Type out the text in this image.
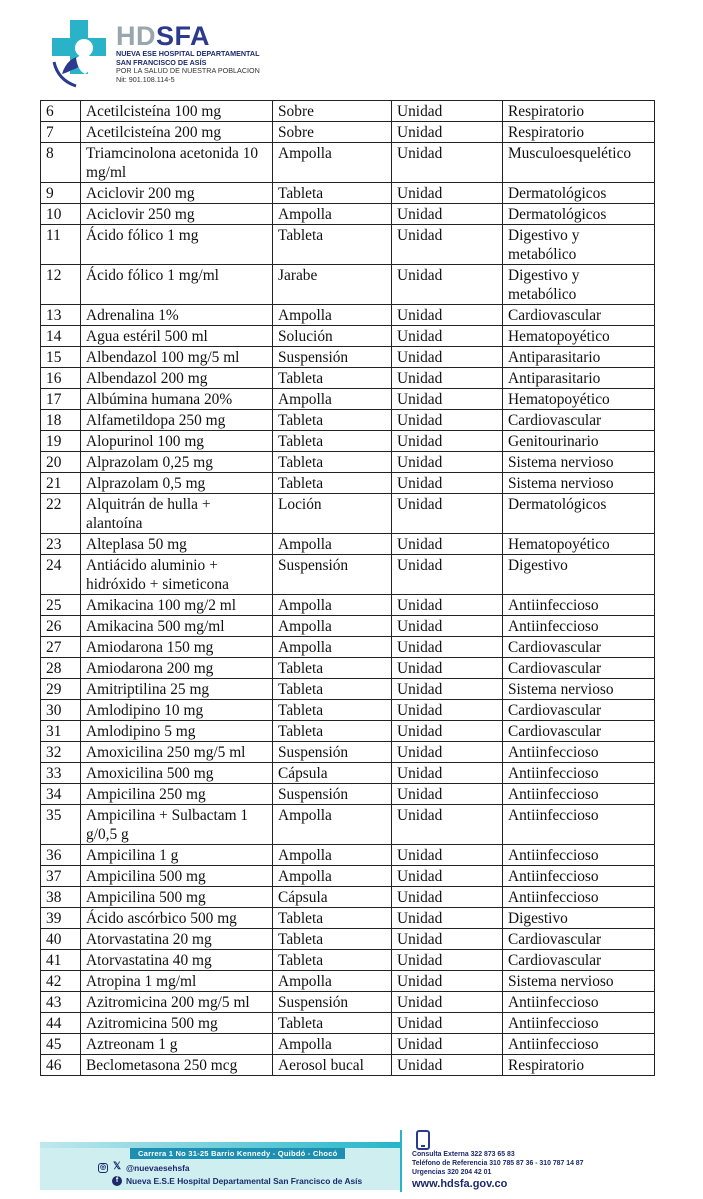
HDSFA
NUEVA ESE HOSPITAL DEPARTAMENTAL
SAN FRANCISCO DE ASÍS
POR LA SALUD DE NUESTRA POBLACION
Nit: 901.108.114-5
6	Acetilcisteína 100 mg	Sobre	Unidad	Respiratorio
7	Acetilcisteína 200 mg	Sobre	Unidad	Respiratorio
8	Triamcinolona acetonida 10 mg/ml	Ampolla	Unidad	Musculoesquelético
9	Aciclovir 200 mg	Tableta	Unidad	Dermatológicos
10	Aciclovir 250 mg	Ampolla	Unidad	Dermatológicos
11	Ácido fólico 1 mg	Tableta	Unidad	Digestivo y metabólico
12	Ácido fólico 1 mg/ml	Jarabe	Unidad	Digestivo y metabólico
13	Adrenalina 1%	Ampolla	Unidad	Cardiovascular
14	Agua estéril 500 ml	Solución	Unidad	Hematopoyético
15	Albendazol 100 mg/5 ml	Suspensión	Unidad	Antiparasitario
16	Albendazol 200 mg	Tableta	Unidad	Antiparasitario
17	Albúmina humana 20%	Ampolla	Unidad	Hematopoyético
18	Alfametildopa 250 mg	Tableta	Unidad	Cardiovascular
19	Alopurinol 100 mg	Tableta	Unidad	Genitourinario
20	Alprazolam 0,25 mg	Tableta	Unidad	Sistema nervioso
21	Alprazolam 0,5 mg	Tableta	Unidad	Sistema nervioso
22	Alquitrán de hulla + alantoína	Loción	Unidad	Dermatológicos
23	Alteplasa 50 mg	Ampolla	Unidad	Hematopoyético
24	Antiácido aluminio + hidróxido + simeticona	Suspensión	Unidad	Digestivo
25	Amikacina 100 mg/2 ml	Ampolla	Unidad	Antiinfeccioso
26	Amikacina 500 mg/ml	Ampolla	Unidad	Antiinfeccioso
27	Amiodarona 150 mg	Ampolla	Unidad	Cardiovascular
28	Amiodarona 200 mg	Tableta	Unidad	Cardiovascular
29	Amitriptilina 25 mg	Tableta	Unidad	Sistema nervioso
30	Amlodipino 10 mg	Tableta	Unidad	Cardiovascular
31	Amlodipino 5 mg	Tableta	Unidad	Cardiovascular
32	Amoxicilina 250 mg/5 ml	Suspensión	Unidad	Antiinfeccioso
33	Amoxicilina 500 mg	Cápsula	Unidad	Antiinfeccioso
34	Ampicilina 250 mg	Suspensión	Unidad	Antiinfeccioso
35	Ampicilina + Sulbactam 1 g/0,5 g	Ampolla	Unidad	Antiinfeccioso
36	Ampicilina 1 g	Ampolla	Unidad	Antiinfeccioso
37	Ampicilina 500 mg	Ampolla	Unidad	Antiinfeccioso
38	Ampicilina 500 mg	Cápsula	Unidad	Antiinfeccioso
39	Ácido ascórbico 500 mg	Tableta	Unidad	Digestivo
40	Atorvastatina 20 mg	Tableta	Unidad	Cardiovascular
41	Atorvastatina 40 mg	Tableta	Unidad	Cardiovascular
42	Atropina 1 mg/ml	Ampolla	Unidad	Sistema nervioso
43	Azitromicina 200 mg/5 ml	Suspensión	Unidad	Antiinfeccioso
44	Azitromicina 500 mg	Tableta	Unidad	Antiinfeccioso
45	Aztreonam 1 g	Ampolla	Unidad	Antiinfeccioso
46	Beclometasona 250 mcg	Aerosol bucal	Unidad	Respiratorio
Carrera 1 No 31-25 Barrio Kennedy - Quibdó - Chocó
◎ 𝕏 @nuevaesehsfa
f Nueva E.S.E Hospital Departamental San Francisco de Asís
Consulta Externa 322 873 65 83
Teléfono de Referencia 310 785 87 36 - 310 787 14 87
Urgencias 320 204 42 01
www.hdsfa.gov.co
